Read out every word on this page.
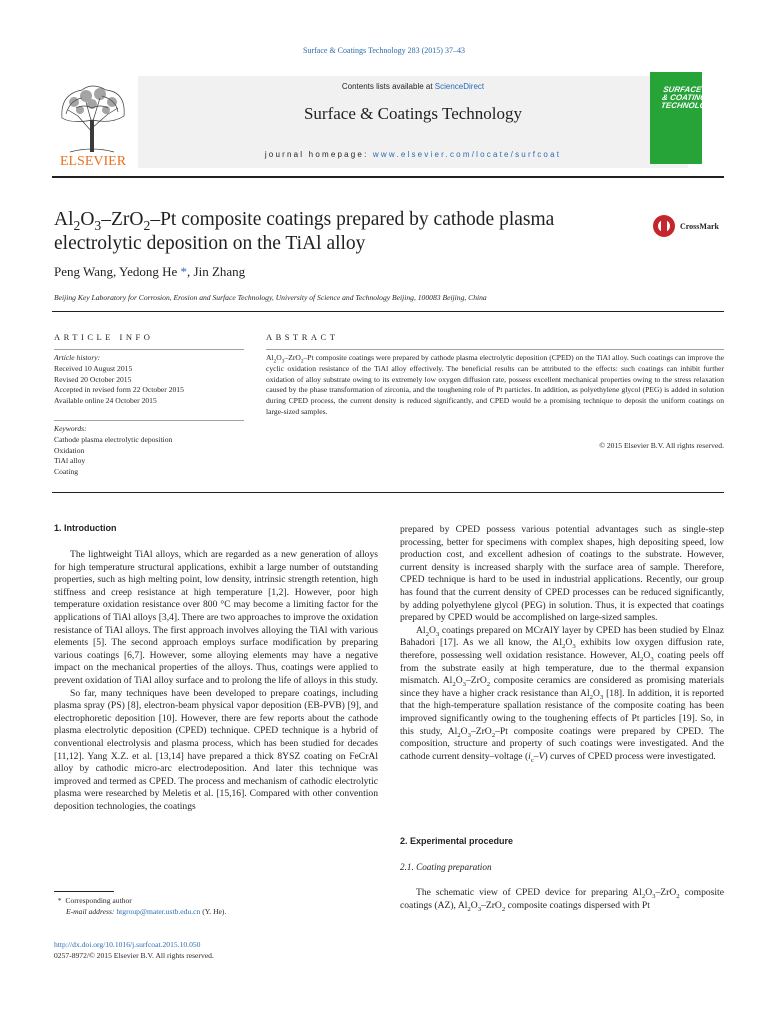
Surface & Coatings Technology 283 (2015) 37–43
ELSEVIER
Contents lists available at ScienceDirect
Surface & Coatings Technology
journal homepage: www.elsevier.com/locate/surfcoat
SURFACE
& COATINGS
TECHNOLOGY
$Al_2O_3-ZrO_2-Pt$ composite coatings prepared by cathode plasma
electrolytic deposition on the TiAl alloy
CrossMark
Peng Wang, Yedong He *, Jin Zhang
Beijing Key Laboratory for Corrosion, Erosion and Surface Technology, University of Science and Technology Beijing, 100083 Beijing, China
ARTICLE INFO	ABSTRACT
Article history:
Received 10 August 2015
Revised 20 October 2015
Accepted in revised form 22 October 2015
Available online 24 October 2015
Keywords:
Cathode plasma electrolytic deposition
Oxidation
TiAl alloy
Coating
$Al_2O_3-ZrO_2-Pt$ composite coatings were prepared by cathode plasma electrolytic deposition (CPED) on the TiAl alloy. Such coatings can improve the cyclic oxidation resistance of the TiAl alloy effectively. The beneficial results can be attributed to the effects: such coatings can inhibit further oxidation of alloy substrate owing to its extremely low oxygen diffusion rate, possess excellent mechanical properties owing to the stress relaxation caused by the phase transformation of zirconia, and the toughening role of Pt particles. In addition, as polyethylene glycol (PEG) is added in solution during CPED process, the current density is reduced significantly, and CPED would be a promising technique to deposit the uniform coatings on large-sized samples.
© 2015 Elsevier B.V. All rights reserved.
1. Introduction

The lightweight TiAl alloys, which are regarded as a new generation of alloys for high temperature structural applications, exhibit a large number of outstanding properties, such as high melting point, low density, intrinsic strength retention, high stiffness and creep resistance at high temperature [1,2]. However, poor high temperature oxidation resistance over 800 °C may become a limiting factor for the applications of TiAl alloys [3,4]. There are two approaches to improve the oxidation resistance of TiAl alloys. The first approach involves alloying the TiAl with various elements [5]. The second approach employs surface modification by preparing various coatings [6,7]. However, some alloying elements may have a negative impact on the mechanical properties of the alloys. Thus, coatings were applied to prevent oxidation of TiAl alloy surface and to prolong the life of alloys in this study.

So far, many techniques have been developed to prepare coatings, including plasma spray (PS) [8], electron-beam physical vapor deposition (EB-PVB) [9], and electrophoretic deposition [10]. However, there are few reports about the cathode plasma electrolytic deposition (CPED) technique. CPED technique is a hybrid of conventional electrolysis and plasma process, which has been studied for decades [11,12]. Yang X.Z. et al. [13,14] have prepared a thick 8YSZ coating on FeCrAl alloy by cathodic micro-arc electrodeposition. And later this technique was improved and termed as CPED. The process and mechanism of cathodic electrolytic plasma were researched by Meletis et al. [15,16]. Compared with other convention deposition technologies, the coatings

prepared by CPED possess various potential advantages such as single-step processing, better for specimens with complex shapes, high depositing speed, low production cost, and excellent adhesion of coatings to the substrate. However, current density is increased sharply with the surface area of sample. Therefore, CPED technique is hard to be used in industrial applications. Recently, our group has found that the current density of CPED processes can be reduced significantly, by adding polyethylene glycol (PEG) in solution. Thus, it is expected that coatings prepared by CPED would be accomplished on large-sized samples.

$Al_2O_3$ coatings prepared on MCrAlY layer by CPED has been studied by Elnaz Bahadori [17]. As we all know, the $Al_2O_3$ exhibits low oxygen diffusion rate, therefore, possessing well oxidation resistance. However, $Al_2O_3$ coating peels off from the substrate easily at high temperature, due to the thermal expansion mismatch. $Al_2O_3-ZrO_2$ composite ceramics are considered as promising materials since they have a higher crack resistance than $Al_2O_3$ [18]. In addition, it is reported that the high-temperature spallation resistance of the composite coating has been improved significantly owing to the toughening effects of Pt particles [19]. So, in this study, $Al_2O_3-ZrO_2-Pt$ composite coatings were prepared by CPED. The composition, structure and property of such coatings were investigated. And the cathode current density–voltage $(i_c-V)$ curves of CPED process were investigated.

2. Experimental procedure
2.1. Coating preparation

The schematic view of CPED device for preparing $Al_2O_3-ZrO_2$ composite coatings (AZ), $Al_2O_3-ZrO_2$ composite coatings dispersed with Pt

* Corresponding author
E-mail address: htgroup@mater.ustb.edu.cn (Y. He).
http://dx.doi.org/10.1016/j.surfcoat.2015.10.050
0257-8972/© 2015 Elsevier B.V. All rights reserved.
